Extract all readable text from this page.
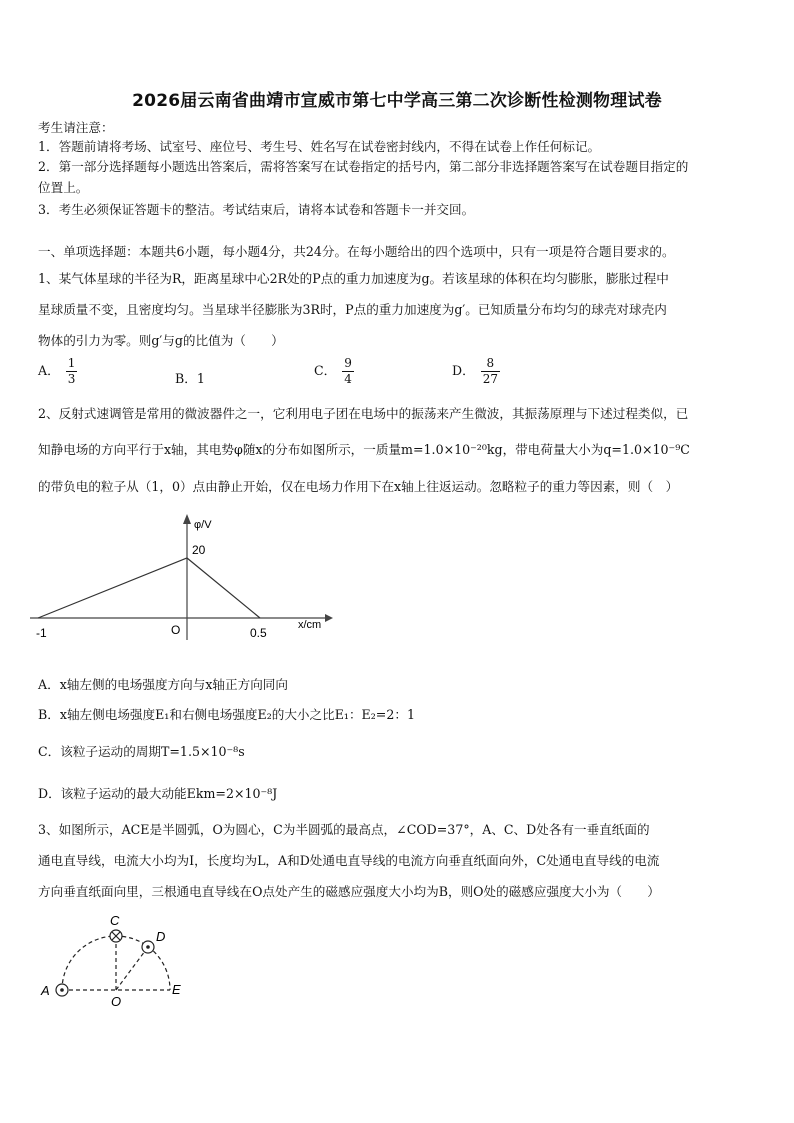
2026届云南省曲靖市宣威市第七中学高三第二次诊断性检测物理试卷
考生请注意：
1．答题前请将考场、试室号、座位号、考生号、姓名写在试卷密封线内，不得在试卷上作任何标记。
2．第一部分选择题每小题选出答案后，需将答案写在试卷指定的括号内，第二部分非选择题答案写在试卷题目指定的
位置上。
3．考生必须保证答题卡的整洁。考试结束后，请将本试卷和答题卡一并交回。
一、单项选择题：本题共6小题，每小题4分，共24分。在每小题给出的四个选项中，只有一项是符合题目要求的。
1、某气体星球的半径为R，距离星球中心2R处的P点的重力加速度为g。若该星球的体积在均匀膨胀，膨胀过程中
星球质量不变，且密度均匀。当星球半径膨胀为3R时，P点的重力加速度为g′。已知质量分布均匀的球壳对球壳内
物体的引力为零。则g′与g的比值为（　　）
A． $\frac{1}{3}$	B．1
C． $\frac{9}{4}$	D． $\frac{8}{27}$
2、反射式速调管是常用的微波器件之一，它利用电子团在电场中的振荡来产生微波，其振荡原理与下述过程类似，已
知静电场的方向平行于x轴，其电势φ随x的分布如图所示，一质量m=1.0×10⁻²⁰kg，带电荷量大小为q=1.0×10⁻⁹C
的带负电的粒子从（1，0）点由静止开始，仅在电场力作用下在x轴上往返运动。忽略粒子的重力等因素，则（　）
φ/V
x/cm
20
-1	O	0.5
A．x轴左侧的电场强度方向与x轴正方向同向
B．x轴左侧电场强度E₁和右侧电场强度E₂的大小之比E₁：E₂=2：1
C．该粒子运动的周期T=1.5×10⁻⁸s
D．该粒子运动的最大动能Ekm=2×10⁻⁸J
3、如图所示，ACE是半圆弧，O为圆心，C为半圆弧的最高点，∠COD=37°，A、C、D处各有一垂直纸面的
通电直导线，电流大小均为I，长度均为L，A和D处通电直导线的电流方向垂直纸面向外，C处通电直导线的电流
方向垂直纸面向里，三根通电直导线在O点处产生的磁感应强度大小均为B，则O处的磁感应强度大小为（　　）
A
C
D
O
E
